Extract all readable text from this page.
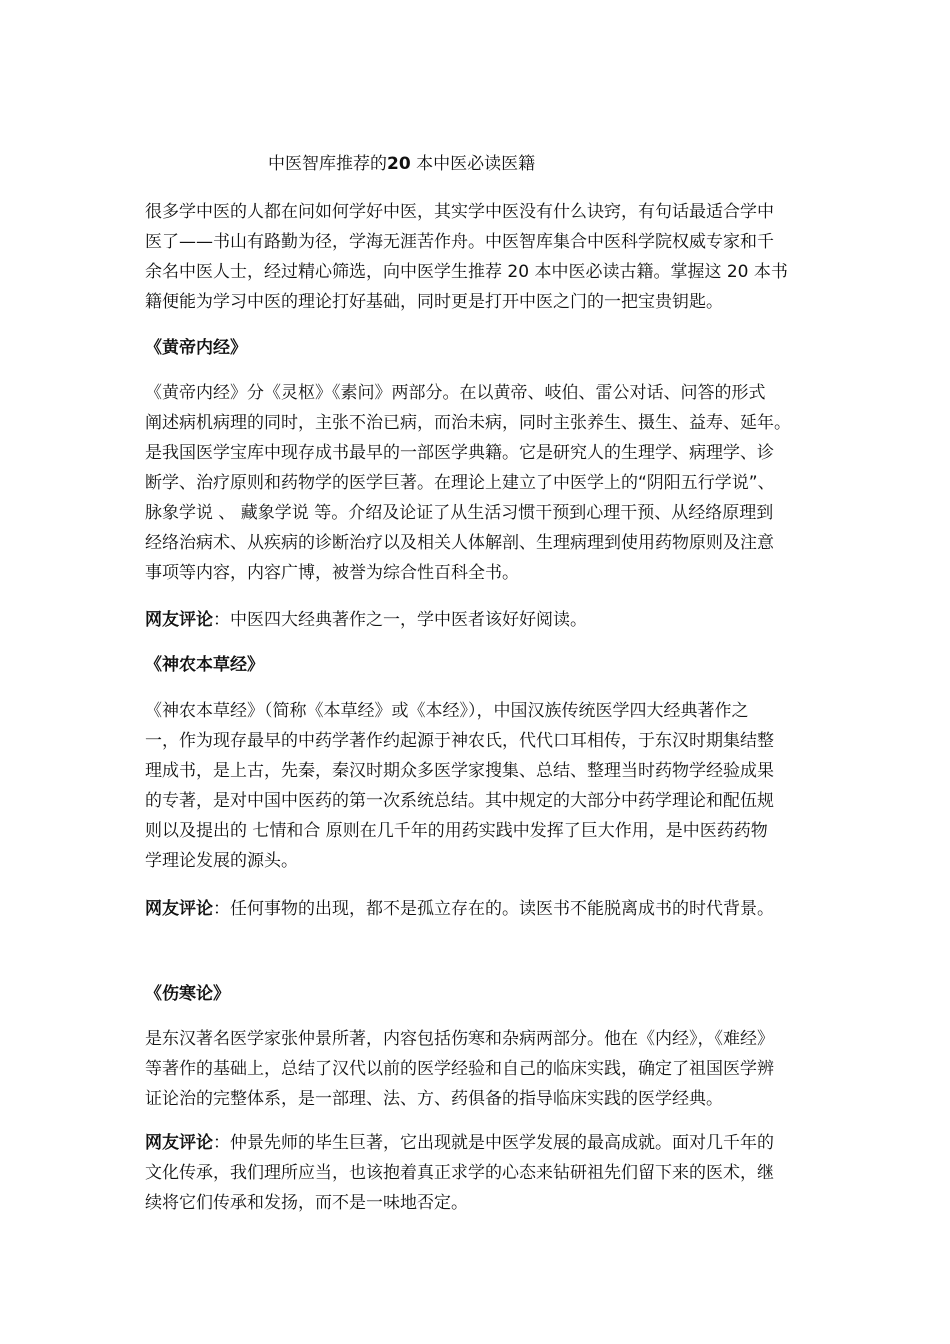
中医智库推荐的20 本中医必读医籍
很多学中医的人都在问如何学好中医，其实学中医没有什么诀窍，有句话最适合学中
医了——书山有路勤为径，学海无涯苦作舟。中医智库集合中医科学院权威专家和千
余名中医人士，经过精心筛选，向中医学生推荐 20 本中医必读古籍。掌握这 20 本书
籍便能为学习中医的理论打好基础，同时更是打开中医之门的一把宝贵钥匙。
《黄帝内经》
《黄帝内经》分《灵枢》《素问》两部分。在以黄帝、岐伯、雷公对话、问答的形式
阐述病机病理的同时，主张不治已病，而治未病，同时主张养生、摄生、益寿、延年。
是我国医学宝库中现存成书最早的一部医学典籍。它是研究人的生理学、病理学、诊
断学、治疗原则和药物学的医学巨著。在理论上建立了中医学上的“阴阳五行学说”、
脉象学说 、 藏象学说 等。介绍及论证了从生活习惯干预到心理干预、从经络原理到
经络治病术、从疾病的诊断治疗以及相关人体解剖、生理病理到使用药物原则及注意
事项等内容，内容广博，被誉为综合性百科全书。
网友评论：中医四大经典著作之一，学中医者该好好阅读。
《神农本草经》
《神农本草经》（简称《本草经》或《本经》），中国汉族传统医学四大经典著作之
一，作为现存最早的中药学著作约起源于神农氏，代代口耳相传，于东汉时期集结整
理成书，是上古，先秦，秦汉时期众多医学家搜集、总结、整理当时药物学经验成果
的专著，是对中国中医药的第一次系统总结。其中规定的大部分中药学理论和配伍规
则以及提出的 七情和合 原则在几千年的用药实践中发挥了巨大作用，是中医药药物
学理论发展的源头。
网友评论：任何事物的出现，都不是孤立存在的。读医书不能脱离成书的时代背景。
《伤寒论》
是东汉著名医学家张仲景所著，内容包括伤寒和杂病两部分。他在《内经》，《难经》
等著作的基础上，总结了汉代以前的医学经验和自己的临床实践，确定了祖国医学辨
证论治的完整体系，是一部理、法、方、药俱备的指导临床实践的医学经典。
网友评论：仲景先师的毕生巨著，它出现就是中医学发展的最高成就。面对几千年的
文化传承，我们理所应当，也该抱着真正求学的心态来钻研祖先们留下来的医术，继
续将它们传承和发扬，而不是一味地否定。
